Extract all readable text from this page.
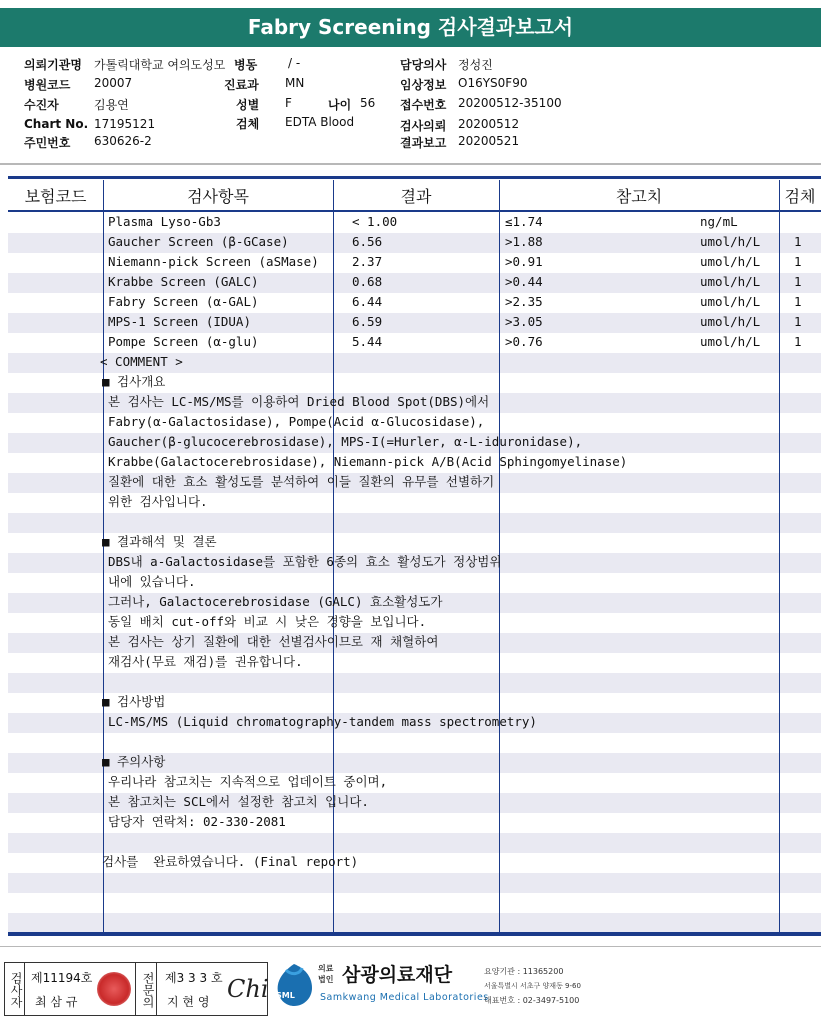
Fabry Screening 검사결과보고서
의뢰기관명 가톨릭대학교 여의도성모 병동	/ -	담당의사 정성진
병원코드 20007	진료과 MN	임상정보 O16YS0F90
수진자	김용연	성별 F	나이 56 접수번호 20200512-35100
Chart No. 17195121	검체 EDTA Blood	검사의뢰 20200512
주민번호 630626-2	결과보고 20200521
보험코드	검사항목	결과	참고치	검체
Plasma Lyso-Gb3	< 1.00	≤1.74	ng/mL
Gaucher Screen (β-GCase)	6.56	>1.88	umol/h/L	1
Niemann-pick Screen (aSMase)	2.37	>0.91	umol/h/L	1
Krabbe Screen (GALC)	0.68	>0.44	umol/h/L	1
Fabry Screen (α-GAL)	6.44	>2.35	umol/h/L	1
MPS-1 Screen (IDUA)	6.59	>3.05	umol/h/L	1
Pompe Screen (α-glu)	5.44	>0.76	umol/h/L	1
< COMMENT >
■ 검사개요
본 검사는 LC-MS/MS를 이용하여 Dried Blood Spot(DBS)에서
Fabry(α-Galactosidase), Pompe(Acid α-Glucosidase),
Gaucher(β-glucocerebrosidase), MPS-I(=Hurler, α-L-iduronidase),
Krabbe(Galactocerebrosidase), Niemann-pick A/B(Acid Sphingomyelinase)
질환에 대한 효소 활성도를 분석하여 이들 질환의 유무를 선별하기
위한 검사입니다.
■ 결과해석 및 결론
DBS내 a-Galactosidase를 포함한 6종의 효소 활성도가 정상범위
내에 있습니다.
그러나, Galactocerebrosidase (GALC) 효소활성도가
동일 배치 cut-off와 비교 시 낮은 경향을 보입니다.
본 검사는 상기 질환에 대한 선별검사이므로 재 채혈하여
재검사(무료 재검)를 권유합니다.
■ 검사방법
LC-MS/MS (Liquid chromatography-tandem mass spectrometry)
■ 주의사항
우리나라 참고치는 지속적으로 업데이트 중이며,
본 참고치는 SCL에서 설정한 참고치 입니다.
담당자 연락처: 02-330-2081
검사를  완료하였습니다. (Final report)
검사자 제11194호
최 삼 규	전문의 제3 3 3 호
지 현 영 Chi SML
의료
법인 삼광의료재단
Samkwang Medical Laboratories
요양기관 : 11365200
서울특별시 서초구 양재동 9-60
대표번호 : 02-3497-5100
